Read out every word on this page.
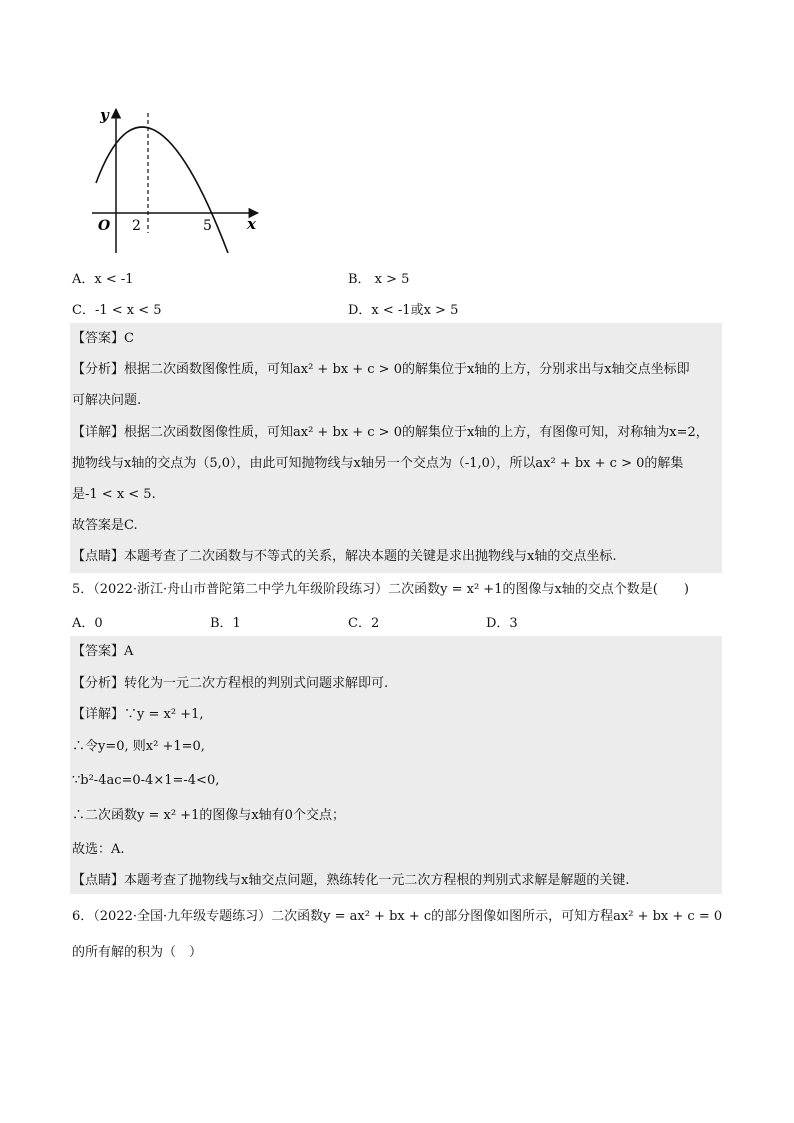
y
x
O 2	5
A．x < -1	B． x > 5
C．-1 < x < 5	D．x < -1或x > 5
【答案】C
【分析】根据二次函数图像性质，可知ax² + bx + c > 0的解集位于x轴的上方，分别求出与x轴交点坐标即
可解决问题.
【详解】根据二次函数图像性质，可知ax² + bx + c > 0的解集位于x轴的上方，有图像可知，对称轴为x=2，
抛物线与x轴的交点为（5,0），由此可知抛物线与x轴另一个交点为（-1,0），所以ax² + bx + c > 0的解集
是-1 < x < 5.
故答案是C.
【点睛】本题考查了二次函数与不等式的关系，解决本题的关键是求出抛物线与x轴的交点坐标.
5．（2022·浙江·舟山市普陀第二中学九年级阶段练习）二次函数y = x² +1的图像与x轴的交点个数是(　　)
A．0	B．1	C．2	D．3
【答案】A
【分析】转化为一元二次方程根的判别式问题求解即可.
【详解】∵y = x² +1,
∴令y=0, 则x² +1=0,
∵b²-4ac=0-4×1=-4<0,
∴二次函数y = x² +1的图像与x轴有0个交点；
故选：A.
【点睛】本题考查了抛物线与x轴交点问题，熟练转化一元二次方程根的判别式求解是解题的关键.
6．（2022·全国·九年级专题练习）二次函数y = ax² + bx + c的部分图像如图所示，可知方程ax² + bx + c = 0
的所有解的积为（　）
